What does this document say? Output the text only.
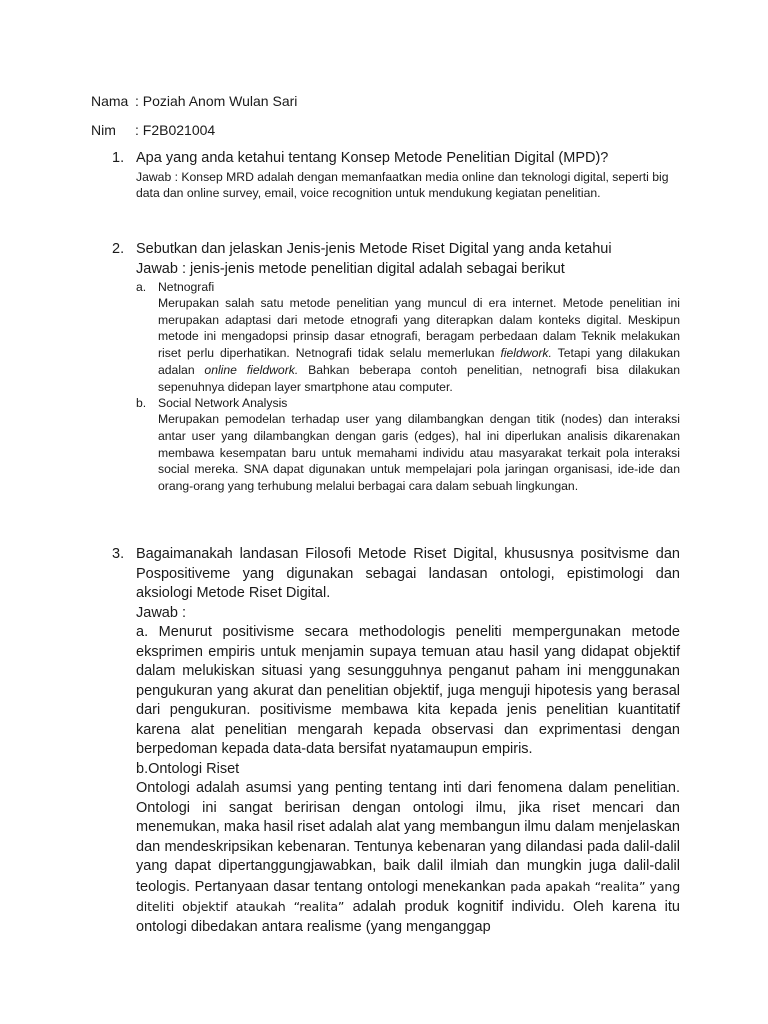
Nama : Poziah Anom Wulan Sari
Nim : F2B021004
1. Apa yang anda ketahui tentang Konsep Metode Penelitian Digital (MPD)?
Jawab : Konsep MRD adalah dengan memanfaatkan media online dan teknologi digital, seperti big data dan online survey, email, voice recognition untuk mendukung kegiatan penelitian.
2. Sebutkan dan jelaskan Jenis-jenis Metode Riset Digital yang anda ketahui
Jawab : jenis-jenis metode penelitian digital adalah sebagai berikut
a. Netnografi
Merupakan salah satu metode penelitian yang muncul di era internet. Metode penelitian ini merupakan adaptasi dari metode etnografi yang diterapkan dalam konteks digital. Meskipun metode ini mengadopsi prinsip dasar etnografi, beragam perbedaan dalam Teknik melakukan riset perlu diperhatikan. Netnografi tidak selalu memerlukan fieldwork. Tetapi yang dilakukan adalan online fieldwork. Bahkan beberapa contoh penelitian, netnografi bisa dilakukan sepenuhnya didepan layer smartphone atau computer.
b. Social Network Analysis
Merupakan pemodelan terhadap user yang dilambangkan dengan titik (nodes) dan interaksi antar user yang dilambangkan dengan garis (edges), hal ini diperlukan analisis dikarenakan membawa kesempatan baru untuk memahami individu atau masyarakat terkait pola interaksi social mereka. SNA dapat digunakan untuk mempelajari pola jaringan organisasi, ide-ide dan orang-orang yang terhubung melalui berbagai cara dalam sebuah lingkungan.
3. Bagaimanakah landasan Filosofi Metode Riset Digital, khususnya positvisme dan Pospositiveme yang digunakan sebagai landasan ontologi, epistimologi dan aksiologi Metode Riset Digital.
Jawab :
a. Menurut positivisme secara methodologis peneliti mempergunakan metode eksprimen empiris untuk menjamin supaya temuan atau hasil yang didapat objektif dalam melukiskan situasi yang sesungguhnya penganut paham ini menggunakan pengukuran yang akurat dan penelitian objektif, juga menguji hipotesis yang berasal dari pengukuran. positivisme membawa kita kepada jenis penelitian kuantitatif karena alat penelitian mengarah kepada observasi dan exprimentasi dengan berpedoman kepada data-data bersifat nyatamaupun empiris.
b.Ontologi Riset
Ontologi adalah asumsi yang penting tentang inti dari fenomena dalam penelitian. Ontologi ini sangat beririsan dengan ontologi ilmu, jika riset mencari dan menemukan, maka hasil riset adalah alat yang membangun ilmu dalam menjelaskan dan mendeskripsikan kebenaran. Tentunya kebenaran yang dilandasi pada dalil-dalil yang dapat dipertanggungjawabkan, baik dalil ilmiah dan mungkin juga dalil-dalil teologis. Pertanyaan dasar tentang ontologi menekankan pada apakah “realita” yang diteliti objektif ataukah “realita” adalah produk kognitif individu. Oleh karena itu ontologi dibedakan antara realisme (yang menganggap
